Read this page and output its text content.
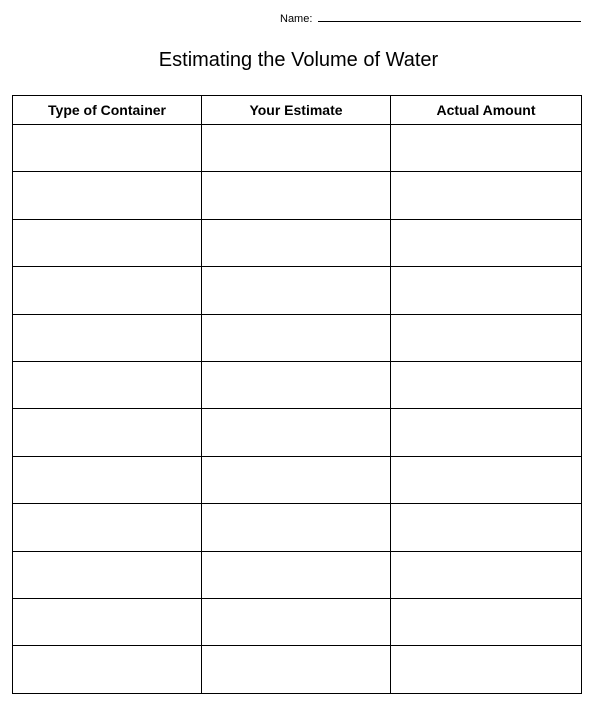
Name:
Estimating the Volume of Water
Type of Container	Your Estimate	Actual Amount
